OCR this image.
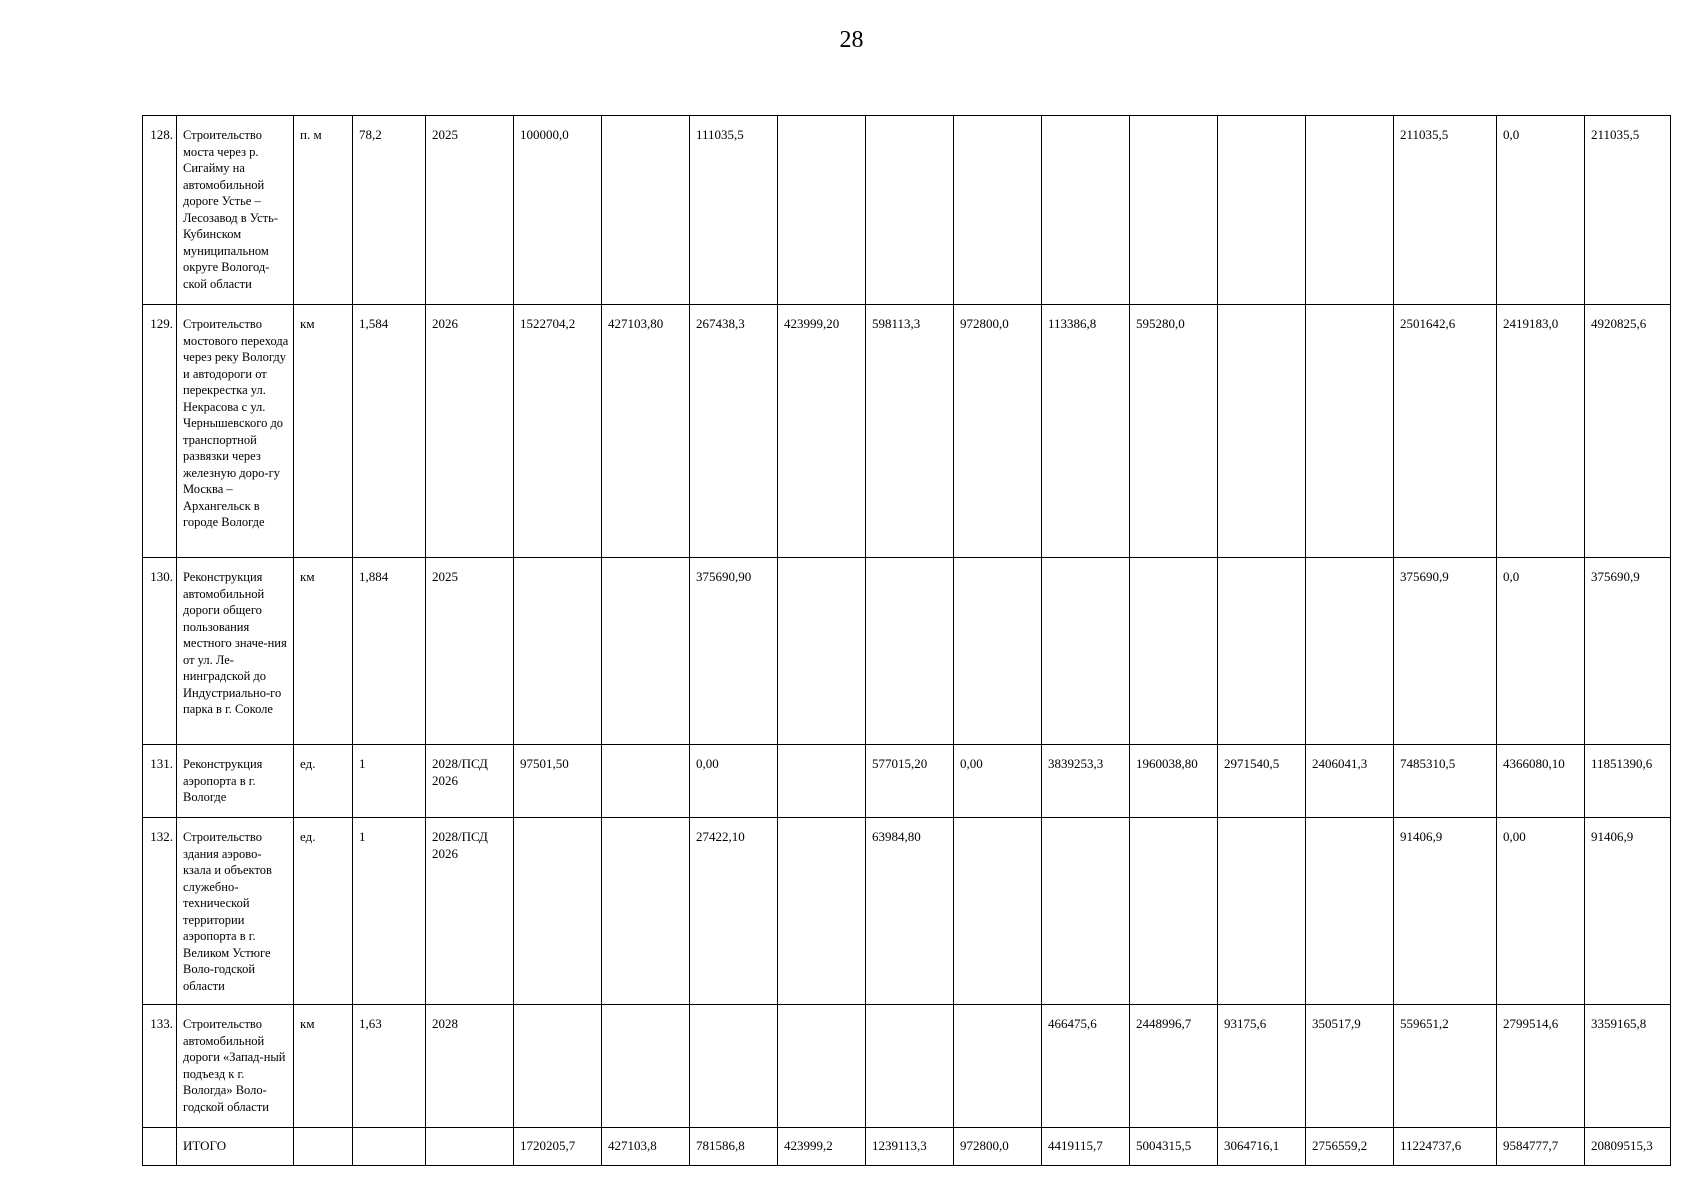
28
128.	Строительство моста через р. Сигайму на автомобильной дороге Устье – Лесозавод в Усть-Кубинском муниципальном округе Вологод-ской области	п. м	78,2	2025	100000,0		111035,5								211035,5	0,0	211035,5
129.	Строительство мостового перехода через реку Вологду и автодороги от перекрестка ул. Некрасова с ул. Чернышевского до транспортной развязки через железную доро-гу Москва – Архангельск в городе Вологде	км	1,584	2026	1522704,2	427103,80	267438,3	423999,20	598113,3	972800,0	113386,8	595280,0			2501642,6	2419183,0	4920825,6
130.	Реконструкция автомобильной дороги общего пользования местного значе-ния от ул. Ле-нинградской до Индустриально-го парка в г. Соколе	км	1,884	2025			375690,90								375690,9	0,0	375690,9
131.	Реконструкция аэропорта в г. Вологде	ед.	1	2028/ПСД 2026	97501,50		0,00		577015,20	0,00	3839253,3	1960038,80	2971540,5	2406041,3	7485310,5	4366080,10	11851390,6
132.	Строительство здания аэрово-кзала и объектов служебно-технической территории аэропорта в г. Великом Устюге Воло-годской области	ед.	1	2028/ПСД 2026			27422,10		63984,80						91406,9	0,00	91406,9
133.	Строительство автомобильной дороги «Запад-ный подъезд к г. Вологда» Воло-годской области	км	1,63	2028							466475,6	2448996,7	93175,6	350517,9	559651,2	2799514,6	3359165,8
	ИТОГО				1720205,7	427103,8	781586,8	423999,2	1239113,3	972800,0	4419115,7	5004315,5	3064716,1	2756559,2	11224737,6	9584777,7	20809515,3
